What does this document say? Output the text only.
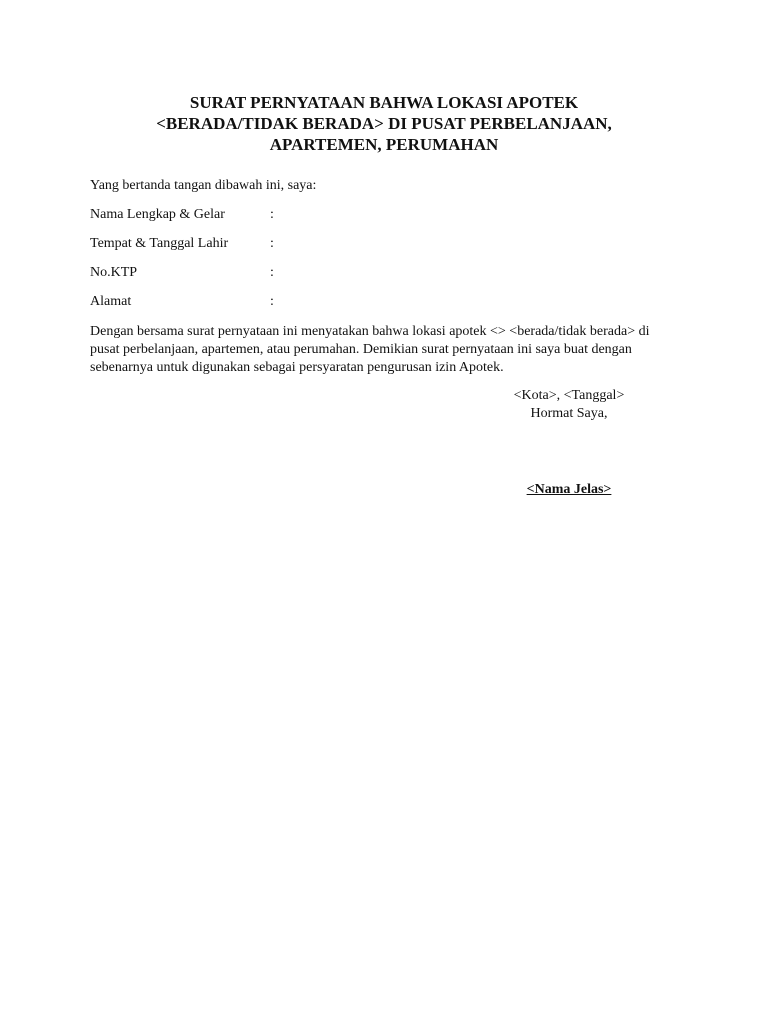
SURAT PERNYATAAN BAHWA LOKASI APOTEK
<BERADA/TIDAK BERADA> DI PUSAT PERBELANJAAN,
APARTEMEN, PERUMAHAN
Yang bertanda tangan dibawah ini, saya:
Nama Lengkap & Gelar	:
Tempat & Tanggal Lahir	:
No.KTP	:
Alamat	:
Dengan bersama surat pernyataan ini menyatakan bahwa lokasi apotek <> <berada/tidak berada> di
pusat perbelanjaan, apartemen, atau perumahan. Demikian surat pernyataan ini saya buat dengan
sebenarnya untuk digunakan sebagai persyaratan pengurusan izin Apotek.
<Kota>, <Tanggal>
Hormat Saya,
<Nama Jelas>
